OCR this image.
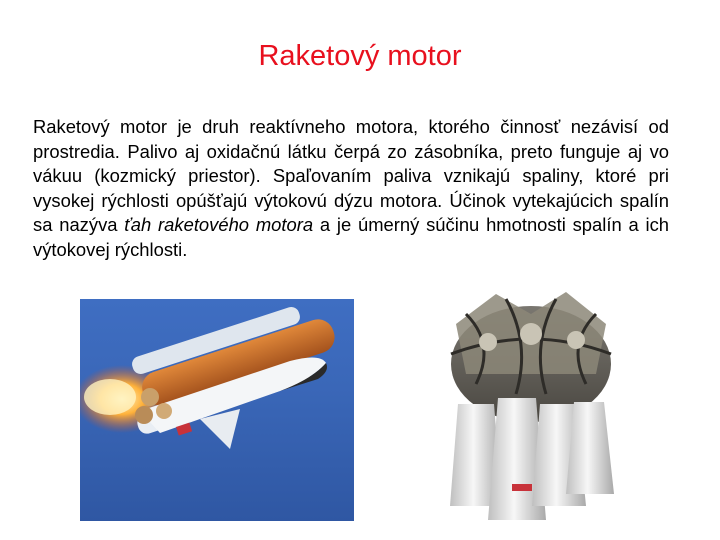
Raketový motor

Raketový motor je druh reaktívneho motora, ktorého činnosť nezávisí od prostredia. Palivo aj oxidačnú látku čerpá zo zásobníka, preto funguje aj vo vákuu (kozmický priestor). Spaľovaním paliva vznikajú spaliny, ktoré pri vysokej rýchlosti opúšťajú výtokovú dýzu motora. Účinok vytekajúcich spalín sa nazýva ťah raketového motora a je úmerný súčinu hmotnosti spalín a ich výtokovej rýchlosti.
